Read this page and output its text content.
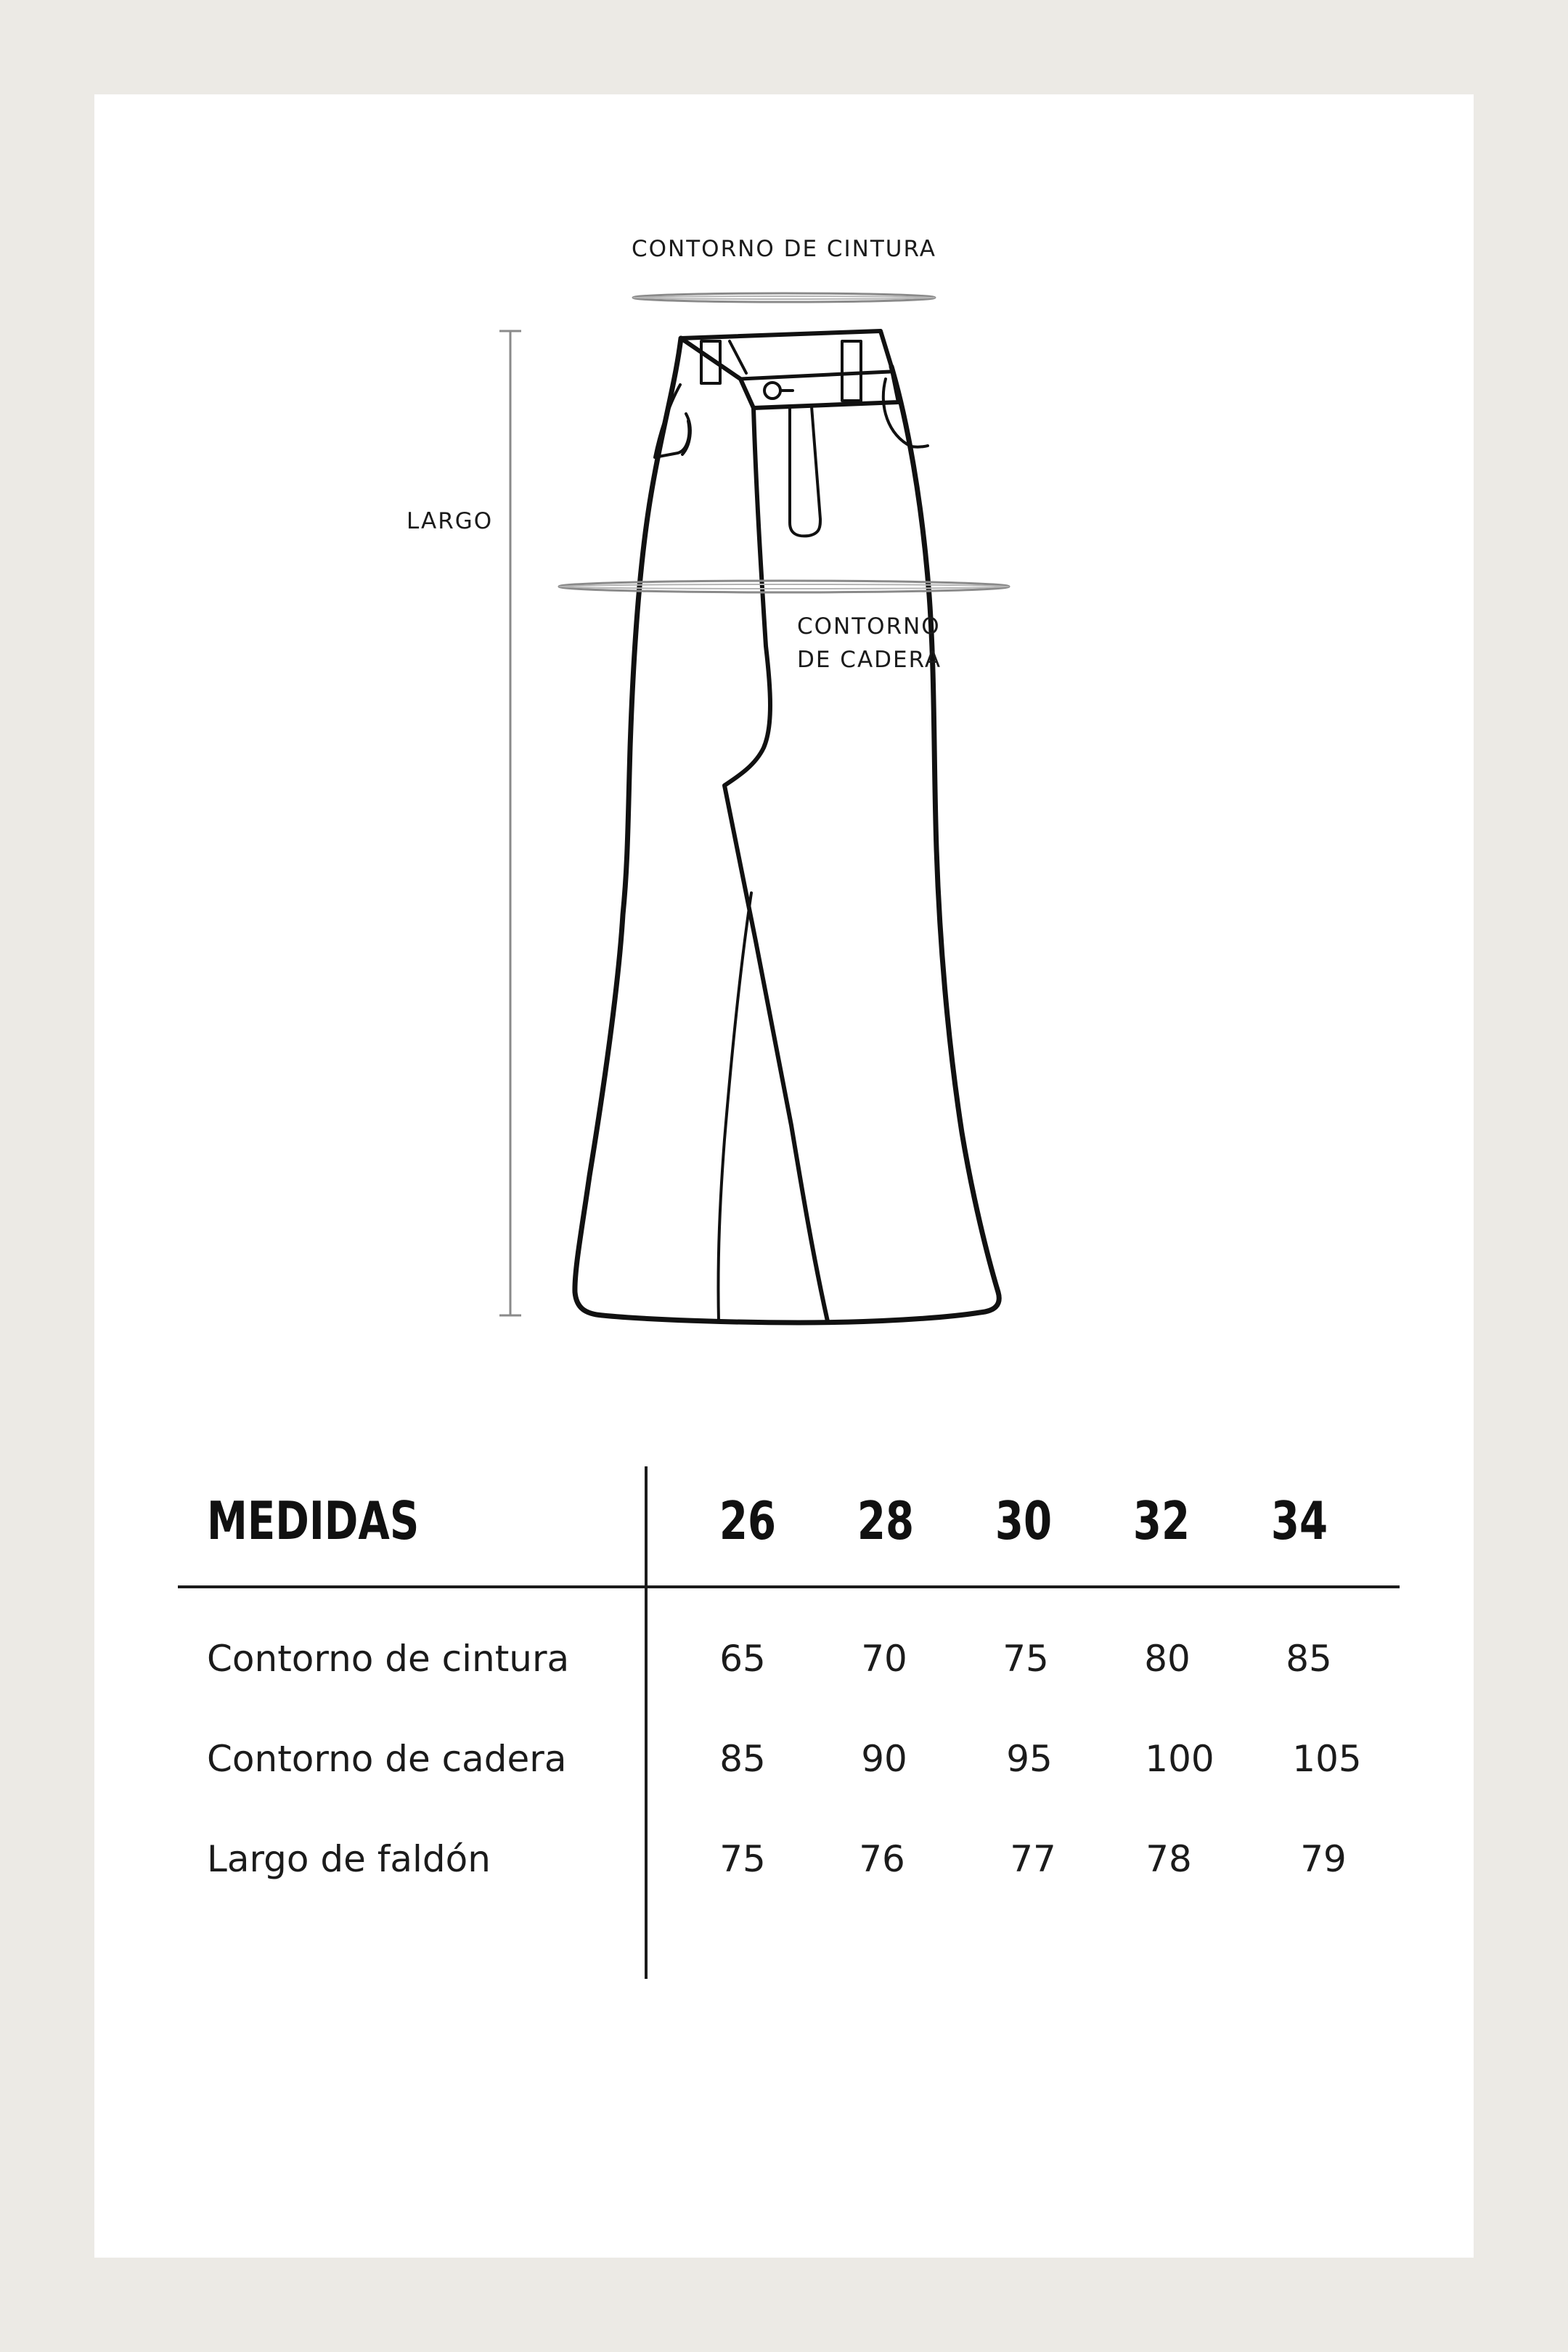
CONTORNO DE CINTURA
LARGO
CONTORNO
DE CADERA
MEDIDAS	26	28	30	32	34
Contorno de cintura	65	70	75	80	85
Contorno de cadera	85	90	95	100	105
Largo de faldón	75	76	77	78	79
